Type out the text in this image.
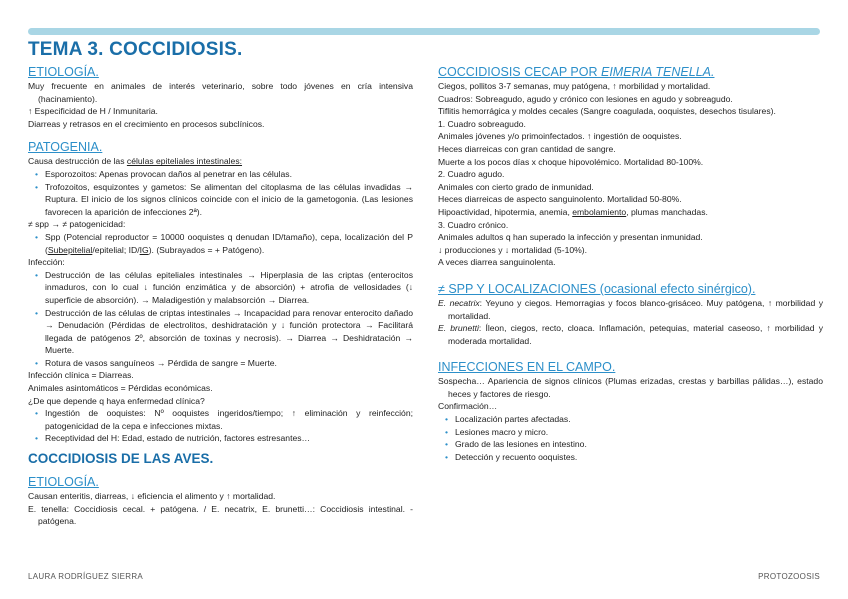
TEMA 3. COCCIDIOSIS.
ETIOLOGÍA.

Muy frecuente en animales de interés veterinario, sobre todo jóvenes en cría intensiva (hacinamiento).

↑ Especificidad de H / Inmunitaria.

Diarreas y retrasos en el crecimiento en procesos subclínicos.

PATOGENIA.

Causa destrucción de las células epiteliales intestinales:

• Esporozoitos: Apenas provocan daños al penetrar en las células.
• Trofozoitos, esquizontes y gametos: Se alimentan del citoplasma de las células invadidas → Ruptura. El inicio de los signos clínicos coincide con el inicio de la gametogonia. (Las lesiones favorecen la aparición de infecciones 2ª).

≠ spp → ≠ patogenicidad:

• Spp (Potencial reproductor = 10000 ooquistes q denudan ID/tamaño), cepa, localización del P (Subepitelial/epitelial; ID/IG). (Subrayados = + Patógeno).

Infección:

• Destrucción de las células epiteliales intestinales → Hiperplasia de las criptas (enterocitos inmaduros, con lo cual ↓ función enzimática y de absorción) + atrofia de vellosidades (↓ superficie de absorción). → Maladigestión y malabsorción → Diarrea.
• Destrucción de las células de criptas intestinales → Incapacidad para renovar enterocito dañado → Denudación (Pérdidas de electrolitos, deshidratación y ↓ función protectora → Facilitará llegada de patógenos 2º, absorción de toxinas y necrosis). → Diarrea → Deshidratación → Muerte.
• Rotura de vasos sanguíneos → Pérdida de sangre = Muerte.

Infección clínica = Diarreas.

Animales asintomáticos = Pérdidas económicas.

¿De que depende q haya enfermedad clínica?

• Ingestión de ooquistes: Nº ooquistes ingeridos/tiempo; ↑ eliminación y reinfección; patogenicidad de la cepa e infecciones mixtas.
• Receptividad del H: Edad, estado de nutrición, factores estresantes…
COCCIDIOSIS DE LAS AVES.
ETIOLOGÍA.

Causan enteritis, diarreas, ↓ eficiencia el alimento y ↑ mortalidad.

E. tenella: Coccidiosis cecal. + patógena. / E. necatrix, E. brunetti…: Coccidiosis intestinal. - patógena.

COCCIDIOSIS CECAP POR EIMERIA TENELLA.

Ciegos, pollitos 3-7 semanas, muy patógena, ↑ morbilidad y mortalidad.

Cuadros: Sobreagudo, agudo y crónico con lesiones en agudo y sobreagudo.

Tiflitis hemorrágica y moldes cecales (Sangre coagulada, ooquistes, desechos tisulares).

1. Cuadro sobreagudo.

Animales jóvenes y/o primoinfectados. ↑ ingestión de ooquistes.

Heces diarreicas con gran cantidad de sangre.

Muerte a los pocos días x choque hipovolémico. Mortalidad 80-100%.

2. Cuadro agudo.

Animales con cierto grado de inmunidad.

Heces diarreicas de aspecto sanguinolento. Mortalidad 50-80%.

Hipoactividad, hipotermia, anemia, embolamiento, plumas manchadas.

3. Cuadro crónico.

Animales adultos q han superado la infección y presentan inmunidad.

↓ producciones y ↓ mortalidad (5-10%).

A veces diarrea sanguinolenta.

≠ SPP Y LOCALIZACIONES (ocasional efecto sinérgico).

E. necatrix: Yeyuno y ciegos. Hemorragias y focos blanco-grisáceo. Muy patógena, ↑ morbilidad y mortalidad.

E. brunetti: Íleon, ciegos, recto, cloaca. Inflamación, petequias, material caseoso, ↑ morbilidad y moderada mortalidad.

INFECCIONES EN EL CAMPO.

Sospecha… Apariencia de signos clínicos (Plumas erizadas, crestas y barbillas pálidas…), estado heces y factores de riesgo.

Confirmación…

• Localización partes afectadas.
• Lesiones macro y micro.
• Grado de las lesiones en intestino.
• Detección y recuento ooquistes.
LAURA RODRÍGUEZ SIERRA	PROTOZOOSIS
